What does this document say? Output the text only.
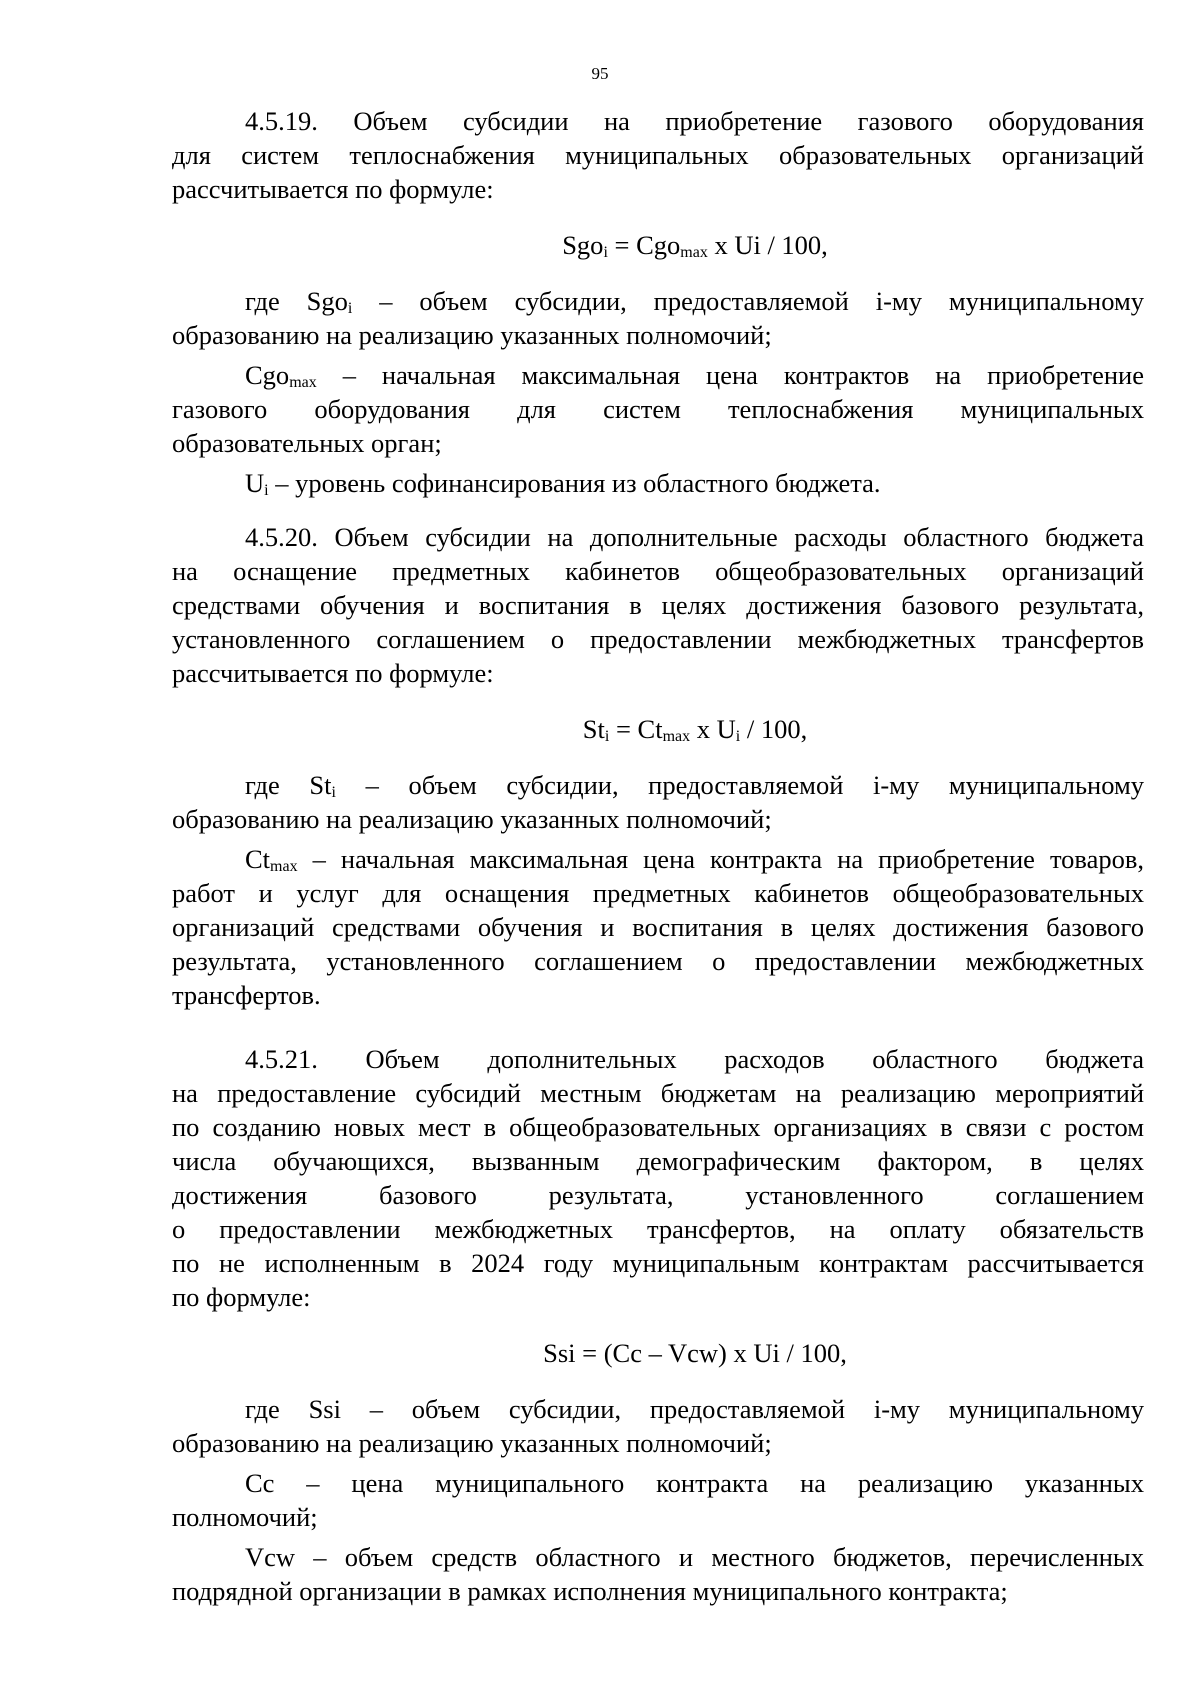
95

4.5.19. Объем субсидии на приобретение газового оборудования

для систем теплоснабжения муниципальных образовательных организаций

рассчитывается по формуле:

Sgo$_i$ = Cgo$_{max}$ x Ui / 100,

где Sgo$_i$ – объем субсидии, предоставляемой i-му муниципальному

образованию на реализацию указанных полномочий;

Cgo$_{max}$ – начальная максимальная цена контрактов на приобретение

газового оборудования для систем теплоснабжения муниципальных

образовательных орган;

$U_i$ – уровень софинансирования из областного бюджета.

4.5.20. Объем субсидии на дополнительные расходы областного бюджета

на оснащение предметных кабинетов общеобразовательных организаций

средствами обучения и воспитания в целях достижения базового результата,

установленного соглашением о предоставлении межбюджетных трансфертов

рассчитывается по формуле:

$St_i = Ct_{max}$ x $U_i / 100$,

где $St_i$ – объем субсидии, предоставляемой i-му муниципальному

образованию на реализацию указанных полномочий;

$Ct_{max}$ – начальная максимальная цена контракта на приобретение товаров,

работ и услуг для оснащения предметных кабинетов общеобразовательных

организаций средствами обучения и воспитания в целях достижения базового

результата, установленного соглашением о предоставлении межбюджетных

трансфертов.

4.5.21. Объем дополнительных расходов областного бюджета

на предоставление субсидий местным бюджетам на реализацию мероприятий

по созданию новых мест в общеобразовательных организациях в связи с ростом

числа обучающихся, вызванным демографическим фактором, в целях

достижения базового результата, установленного соглашением

о предоставлении межбюджетных трансфертов, на оплату обязательств

по не исполненным в 2024 году муниципальным контрактам рассчитывается

по формуле:

Ssi = (Cc – Vcw) x Ui / 100,

где Ssi – объем субсидии, предоставляемой i-му муниципальному

образованию на реализацию указанных полномочий;

Cc – цена муниципального контракта на реализацию указанных

полномочий;

Vcw – объем средств областного и местного бюджетов, перечисленных

подрядной организации в рамках исполнения муниципального контракта;
